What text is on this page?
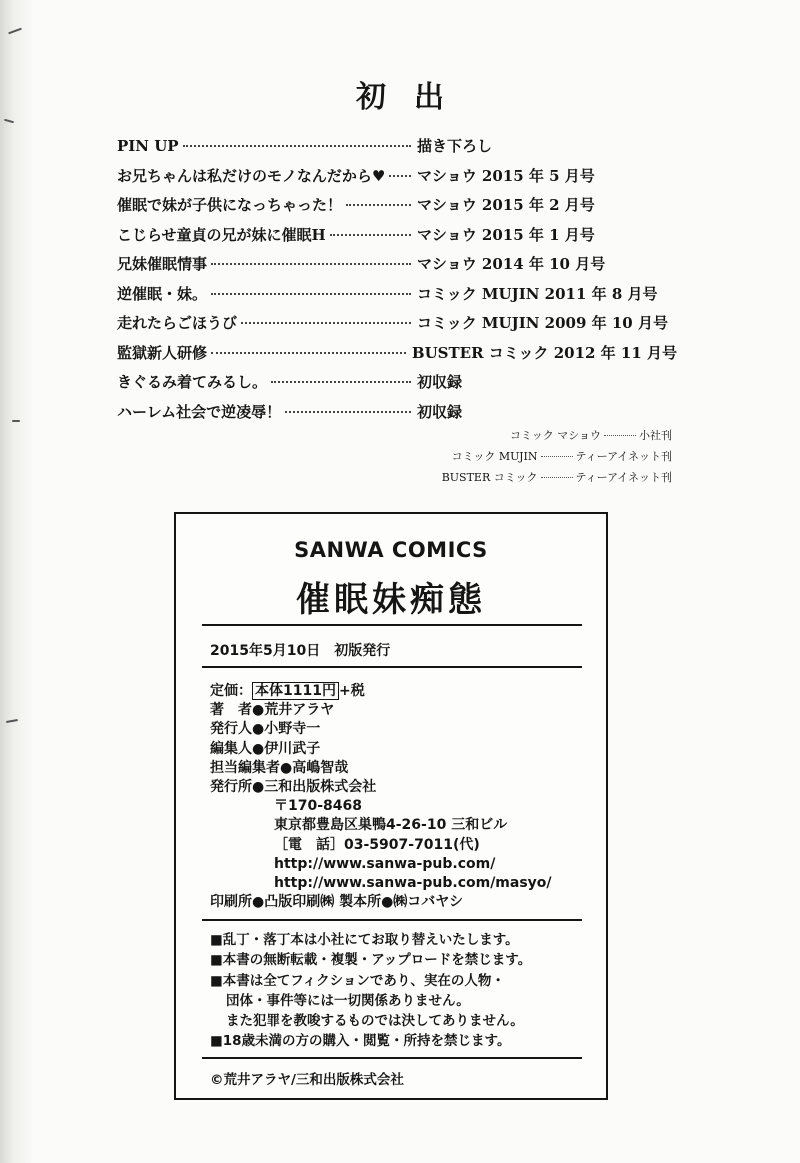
初出
PIN UP	描き下ろし
お兄ちゃんは私だけのモノなんだから♥ マショウ 2015 年 5 月号
催眠で妹が子供になっちゃった！	マショウ 2015 年 2 月号
こじらせ童貞の兄が妹に催眠H	マショウ 2015 年 1 月号
兄妹催眠情事	マショウ 2014 年 10 月号
逆催眠・妹。	コミック MUJIN 2011 年 8 月号
走れたらごほうび	コミック MUJIN 2009 年 10 月号
監獄新人研修	BUSTER コミック 2012 年 11 月号
きぐるみ着てみるし。	初収録
ハーレム社会で逆凌辱！	初収録
コミック マショウ	小社刊
コミック MUJIN	ティーアイネット刊
BUSTER コミック	ティーアイネット刊
SANWA COMICS
催眠妹痴態
2015年5月10日　初版発行
定価： 本体1111円 +税
著　者●荒井アラヤ
発行人●小野寺一
編集人●伊川武子
担当編集者●高嶋智哉
発行所●三和出版株式会社
〒170-8468
東京都豊島区巣鴨4-26-10 三和ビル
［電　話］03-5907-7011(代)
http://www.sanwa-pub.com/
http://www.sanwa-pub.com/masyo/
印刷所●凸版印刷㈱ 製本所●㈱コバヤシ
■乱丁・落丁本は小社にてお取り替えいたします。
■本書の無断転載・複製・アップロードを禁じます。
■本書は全てフィクションであり、実在の人物・
団体・事件等には一切関係ありません。
また犯罪を教唆するものでは決してありません。
■18歳未満の方の購入・閲覧・所持を禁じます。
©荒井アラヤ/三和出版株式会社
